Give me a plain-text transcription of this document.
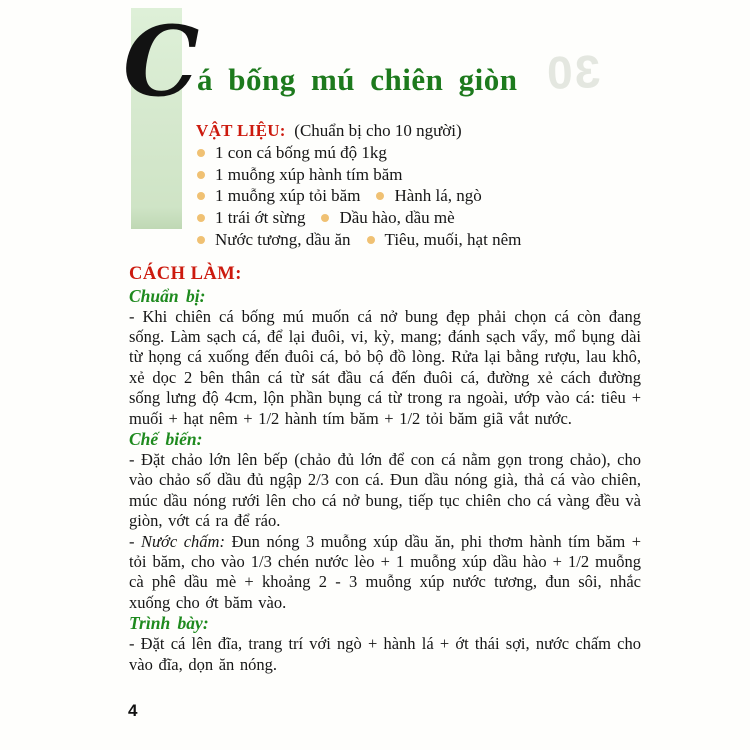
30
C
á bống mú chiên giòn
VẬT LIỆU: (Chuẩn bị cho 10 người)
1 con cá bống mú độ 1kg
1 muỗng xúp hành tím băm
1 muỗng xúp tỏi băm Hành lá, ngò
1 trái ớt sừng Dầu hào, dầu mè
Nước tương, dầu ăn Tiêu, muối, hạt nêm
CÁCH LÀM:
Chuẩn bị:

- Khi chiên cá bống mú muốn cá nở bung đẹp phải chọn cá còn đang sống. Làm sạch cá, để lại đuôi, vi, kỳ, mang; đánh sạch vẩy, mổ bụng dài từ họng cá xuống đến đuôi cá, bỏ bộ đồ lòng. Rửa lại bằng rượu, lau khô, xẻ dọc 2 bên thân cá từ sát đầu cá đến đuôi cá, đường xẻ cách đường sống lưng độ 4cm, lộn phần bụng cá từ trong ra ngoài, ướp vào cá: tiêu + muối + hạt nêm + 1/2 hành tím băm + 1/2 tỏi băm giã vắt nước.

Chế biến:

- Đặt chảo lớn lên bếp (chảo đủ lớn để con cá nằm gọn trong chảo), cho vào chảo số dầu đủ ngập 2/3 con cá. Đun dầu nóng già, thả cá vào chiên, múc dầu nóng rưới lên cho cá nở bung, tiếp tục chiên cho cá vàng đều và giòn, vớt cá ra để ráo.

- Nước chấm: Đun nóng 3 muỗng xúp dầu ăn, phi thơm hành tím băm + tỏi băm, cho vào 1/3 chén nước lèo + 1 muỗng xúp dầu hào + 1/2 muỗng cà phê dầu mè + khoảng 2 - 3 muỗng xúp nước tương, đun sôi, nhắc xuống cho ớt băm vào.

Trình bày:

- Đặt cá lên đĩa, trang trí với ngò + hành lá + ớt thái sợi, nước chấm cho vào đĩa, dọn ăn nóng.

4
